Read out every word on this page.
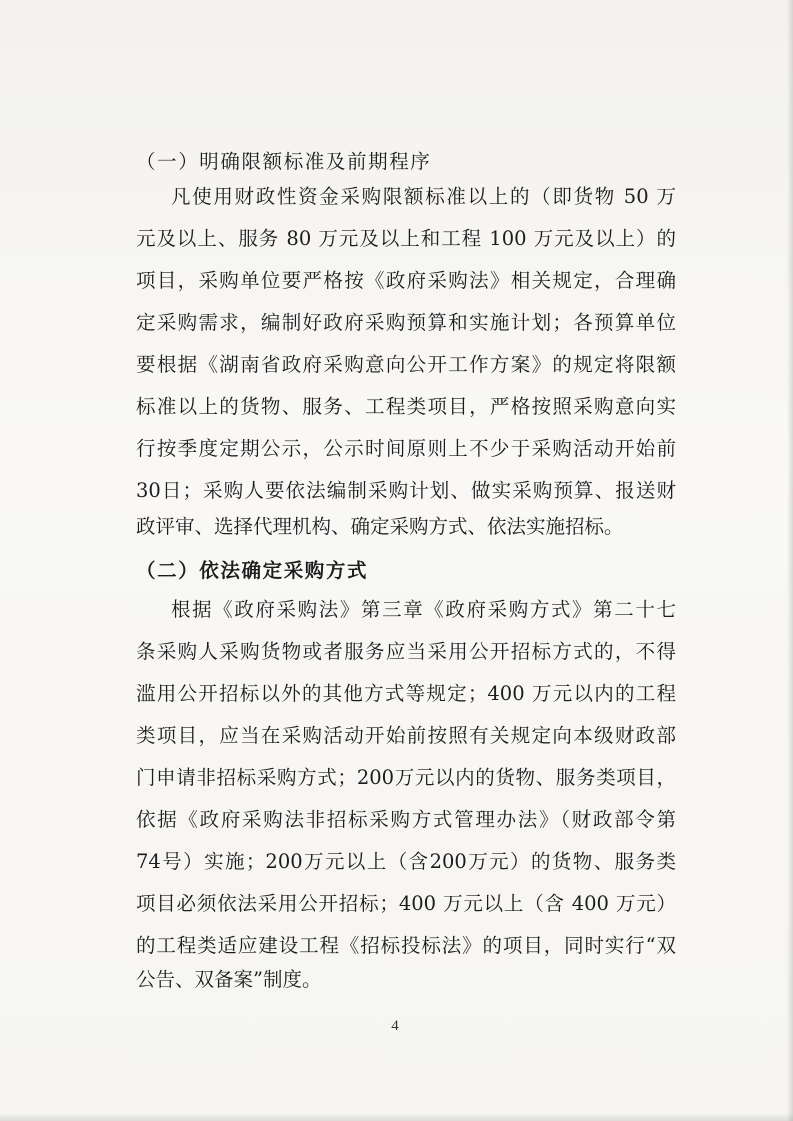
（一）明确限额标准及前期程序
凡使用财政性资金采购限额标准以上的（即货物 50 万
元及以上、服务 80 万元及以上和工程 100 万元及以上）的
项目，采购单位要严格按《政府采购法》相关规定，合理确
定采购需求，编制好政府采购预算和实施计划；各预算单位
要根据《湖南省政府采购意向公开工作方案》的规定将限额
标准以上的货物、服务、工程类项目，严格按照采购意向实
行按季度定期公示，公示时间原则上不少于采购活动开始前
30日；采购人要依法编制采购计划、做实采购预算、报送财
政评审、选择代理机构、确定采购方式、依法实施招标。
（二）依法确定采购方式
根据《政府采购法》第三章《政府采购方式》第二十七
条采购人采购货物或者服务应当采用公开招标方式的，不得
滥用公开招标以外的其他方式等规定；400 万元以内的工程
类项目，应当在采购活动开始前按照有关规定向本级财政部
门申请非招标采购方式；200万元以内的货物、服务类项目，
依据《政府采购法非招标采购方式管理办法》（财政部令第
74号）实施；200万元以上（含200万元）的货物、服务类
项目必须依法采用公开招标；400 万元以上（含 400 万元）
的工程类适应建设工程《招标投标法》的项目，同时实行“双
公告、双备案”制度。
4
